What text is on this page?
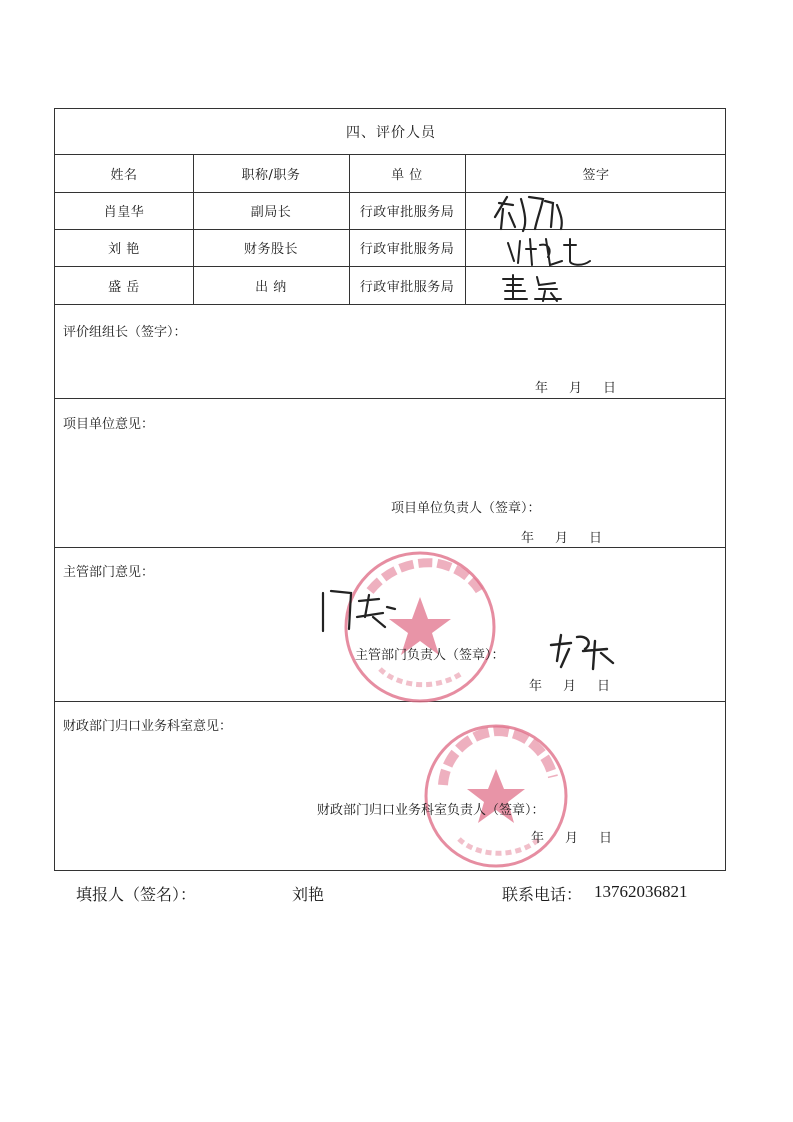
四、评价人员
姓名	职称/职务	单 位	签字
肖皇华	副局长	行政审批服务局
刘 艳	财务股长	行政审批服务局
盛 岳	出 纳	行政审批服务局
评价组组长（签字）：
年 月 日
项目单位意见：
项目单位负责人（签章）：
年 月 日
主管部门意见：
主管部门负责人（签章）：
年 月 日
财政部门归口业务科室意见：
财政部门归口业务科室负责人（签章）：
年 月 日
填报人（签名）：	刘艳	联系电话： 13762036821
